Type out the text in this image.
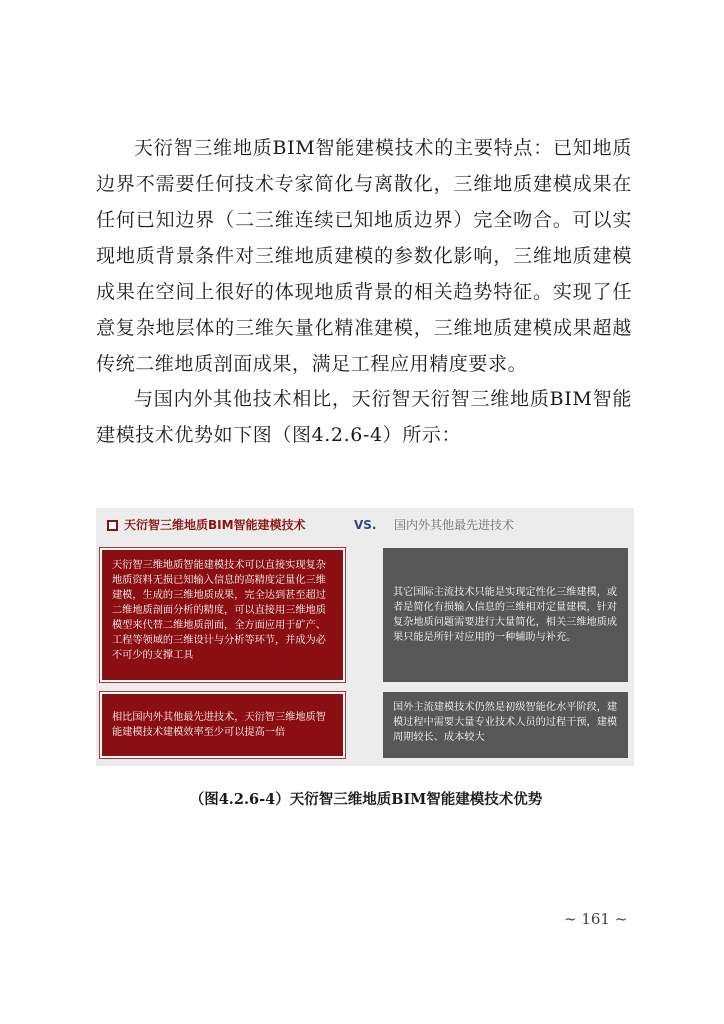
天衍智三维地质BIM智能建模技术的主要特点：已知地质边界不需要任何技术专家简化与离散化，三维地质建模成果在任何已知边界（二三维连续已知地质边界）完全吻合。可以实现地质背景条件对三维地质建模的参数化影响，三维地质建模成果在空间上很好的体现地质背景的相关趋势特征。实现了任意复杂地层体的三维矢量化精准建模，三维地质建模成果超越传统二维地质剖面成果，满足工程应用精度要求。

与国内外其他技术相比，天衍智天衍智三维地质BIM智能建模技术优势如下图（图4.2.6-4）所示：

天衍智三维地质BIM智能建模技术	VS. 国内外其他最先进技术
天衍智三维地质智能建模技术可以直接实现复杂地质资料无损已知输入信息的高精度定量化三维建模，生成的三维地质成果，完全达到甚至超过二维地质剖面分析的精度，可以直接用三维地质模型来代替二维地质剖面，全方面应用于矿产、工程等领域的三维设计与分析等环节，并成为必不可少的支撑工具
其它国际主流技术只能是实现定性化三维建模，或者是简化有损输入信息的三维相对定量建模，针对复杂地质问题需要进行大量简化，相关三维地质成果只能是所针对应用的一种辅助与补充。
相比国内外其他最先进技术，天衍智三维地质智能建模技术建模效率至少可以提高一倍
国外主流建模技术仍然是初级智能化水平阶段，建模过程中需要大量专业技术人员的过程干预，建模周期较长、成本较大
（图4.2.6-4）天衍智三维地质BIM智能建模技术优势
~ 161 ~
